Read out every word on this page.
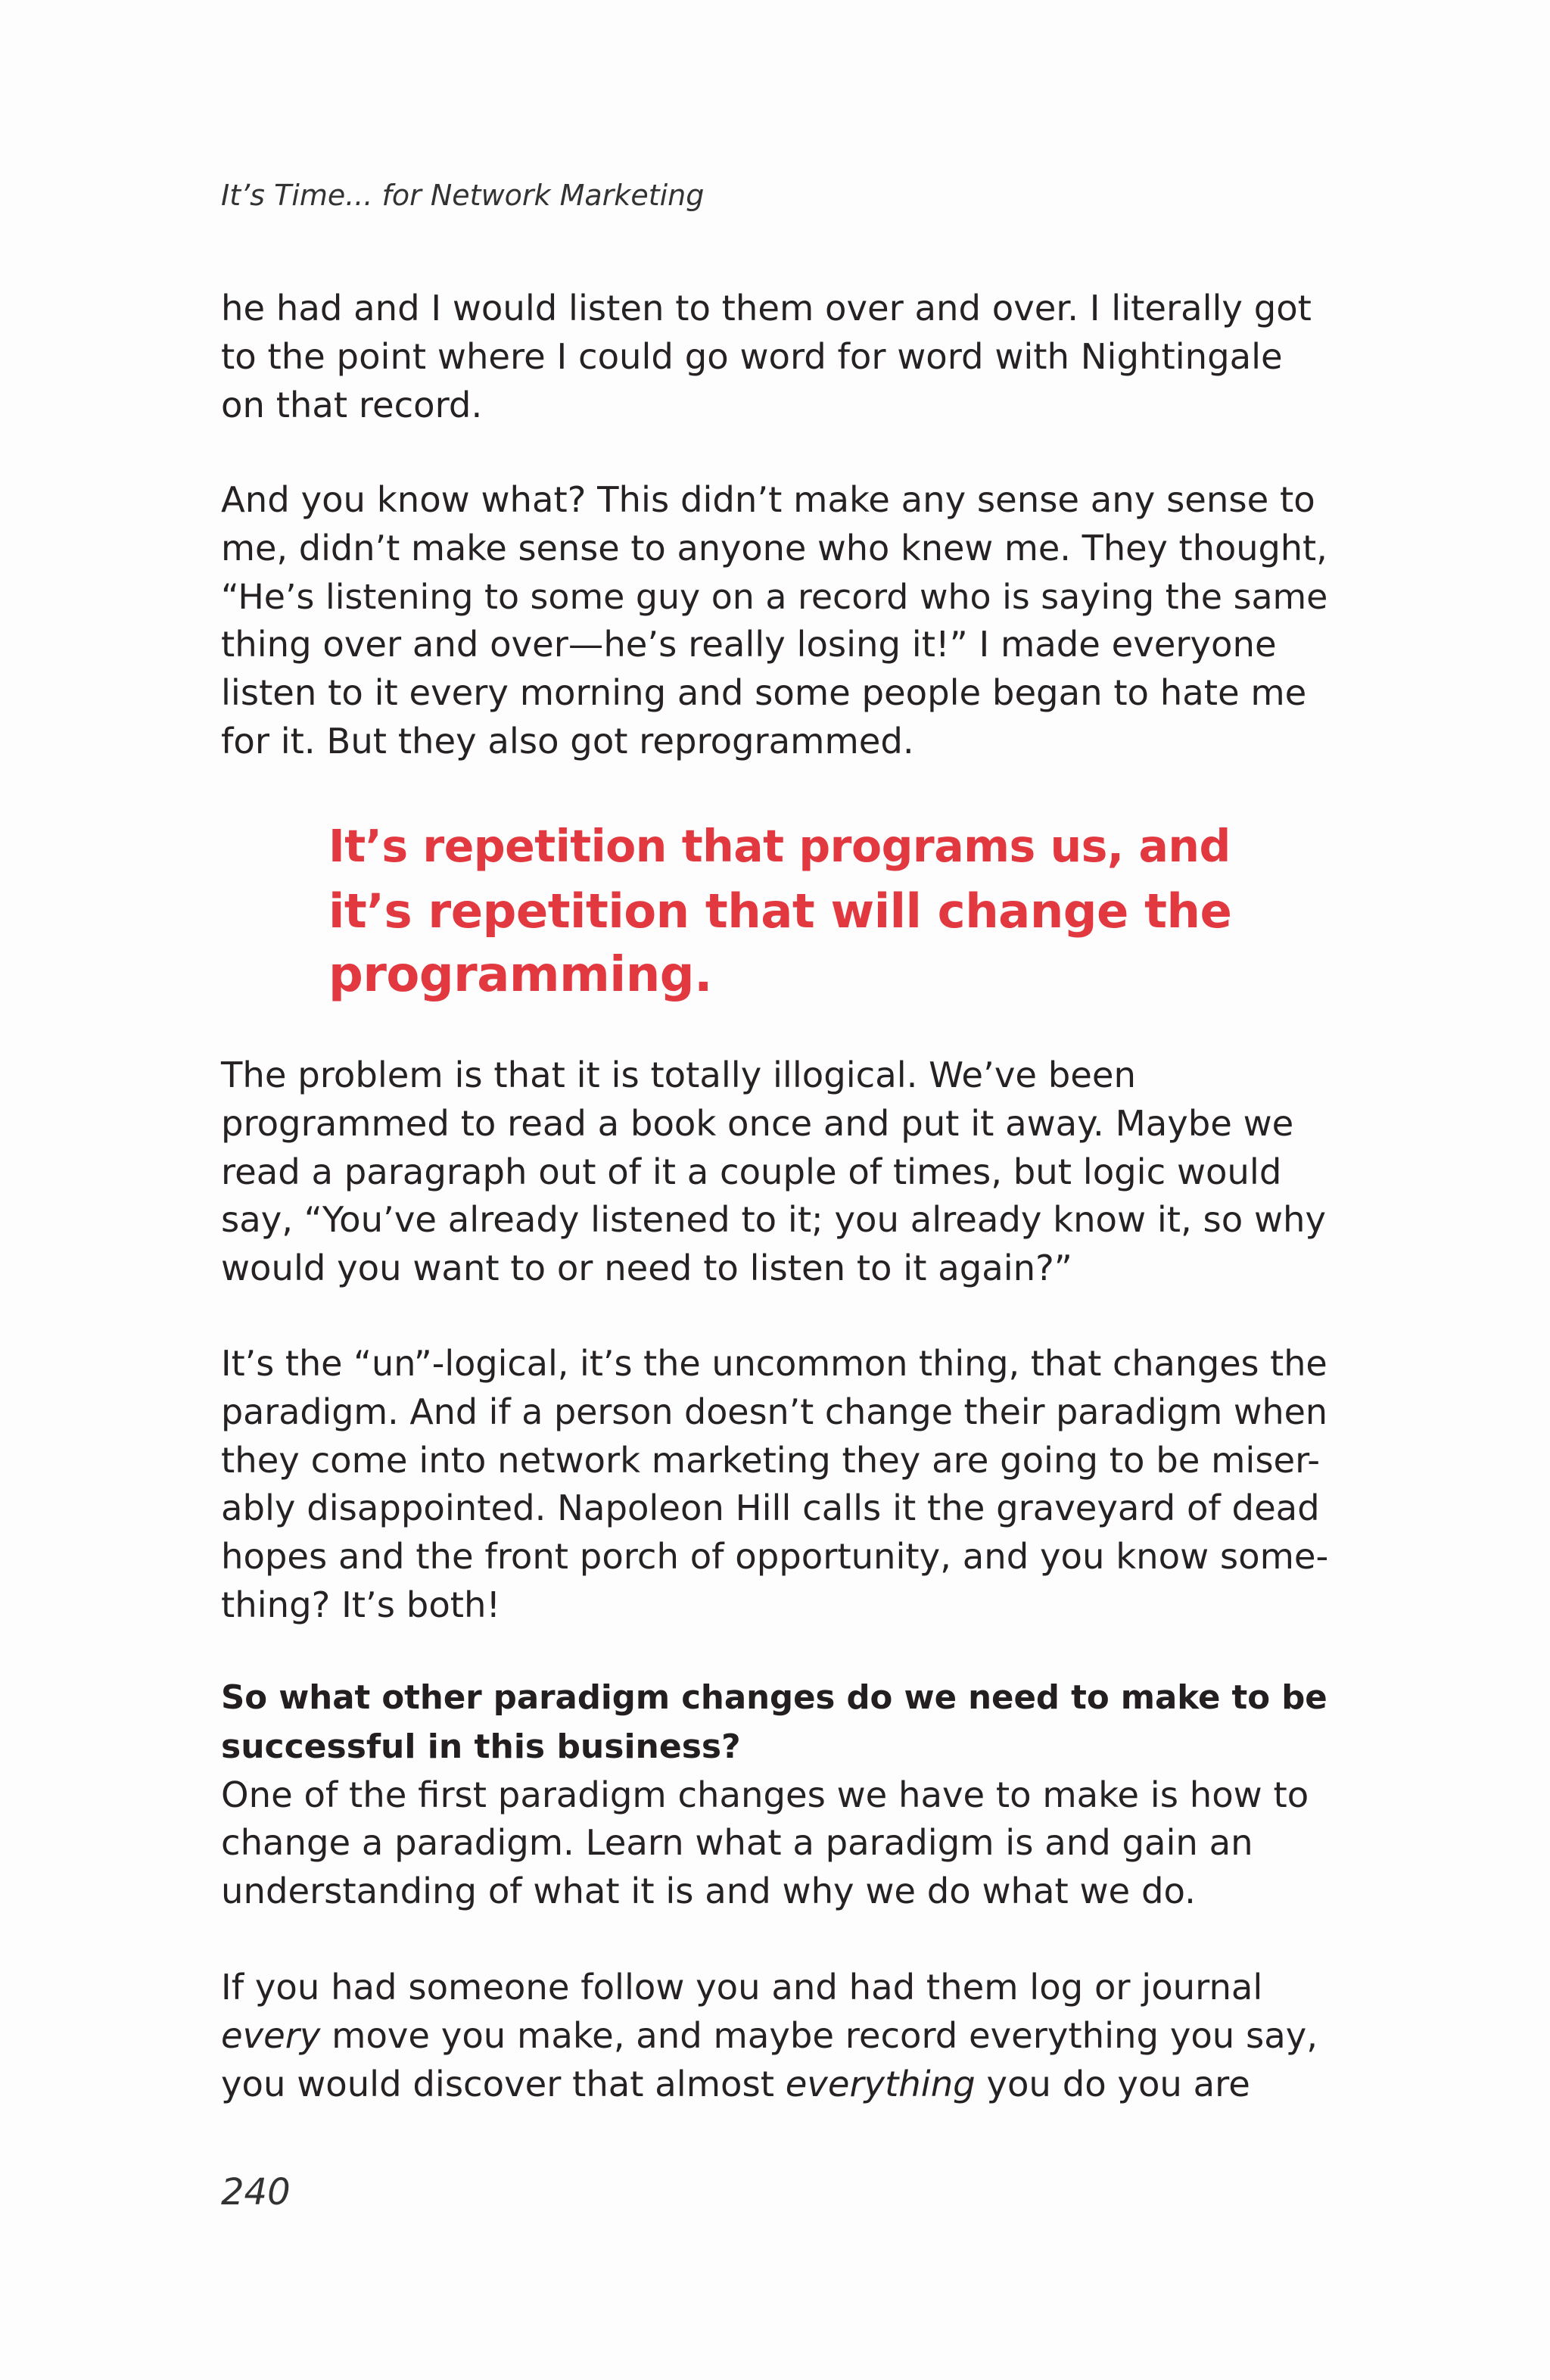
It’s Time... for Network Marketing
he had and I would listen to them over and over. I literally got
to the point where I could go word for word with Nightingale
on that record.
And you know what? This didn’t make any sense any sense to
me, didn’t make sense to anyone who knew me. They thought,
“He’s listening to some guy on a record who is saying the same
thing over and over—he’s really losing it!” I made everyone
listen to it every morning and some people began to hate me
for it. But they also got reprogrammed.
It’s repetition that programs us, and
it’s repetition that will change the
programming.
The problem is that it is totally illogical. We’ve been
programmed to read a book once and put it away. Maybe we
read a paragraph out of it a couple of times, but logic would
say, “You’ve already listened to it; you already know it, so why
would you want to or need to listen to it again?”
It’s the “un”-logical, it’s the uncommon thing, that changes the
paradigm. And if a person doesn’t change their paradigm when
they come into network marketing they are going to be miser-
ably disappointed. Napoleon Hill calls it the graveyard of dead
hopes and the front porch of opportunity, and you know some-
thing? It’s both!
So what other paradigm changes do we need to make to be
successful in this business?
One of the first paradigm changes we have to make is how to
change a paradigm. Learn what a paradigm is and gain an
understanding of what it is and why we do what we do.
If you had someone follow you and had them log or journal
every move you make, and maybe record everything you say,
you would discover that almost everything you do you are
240
